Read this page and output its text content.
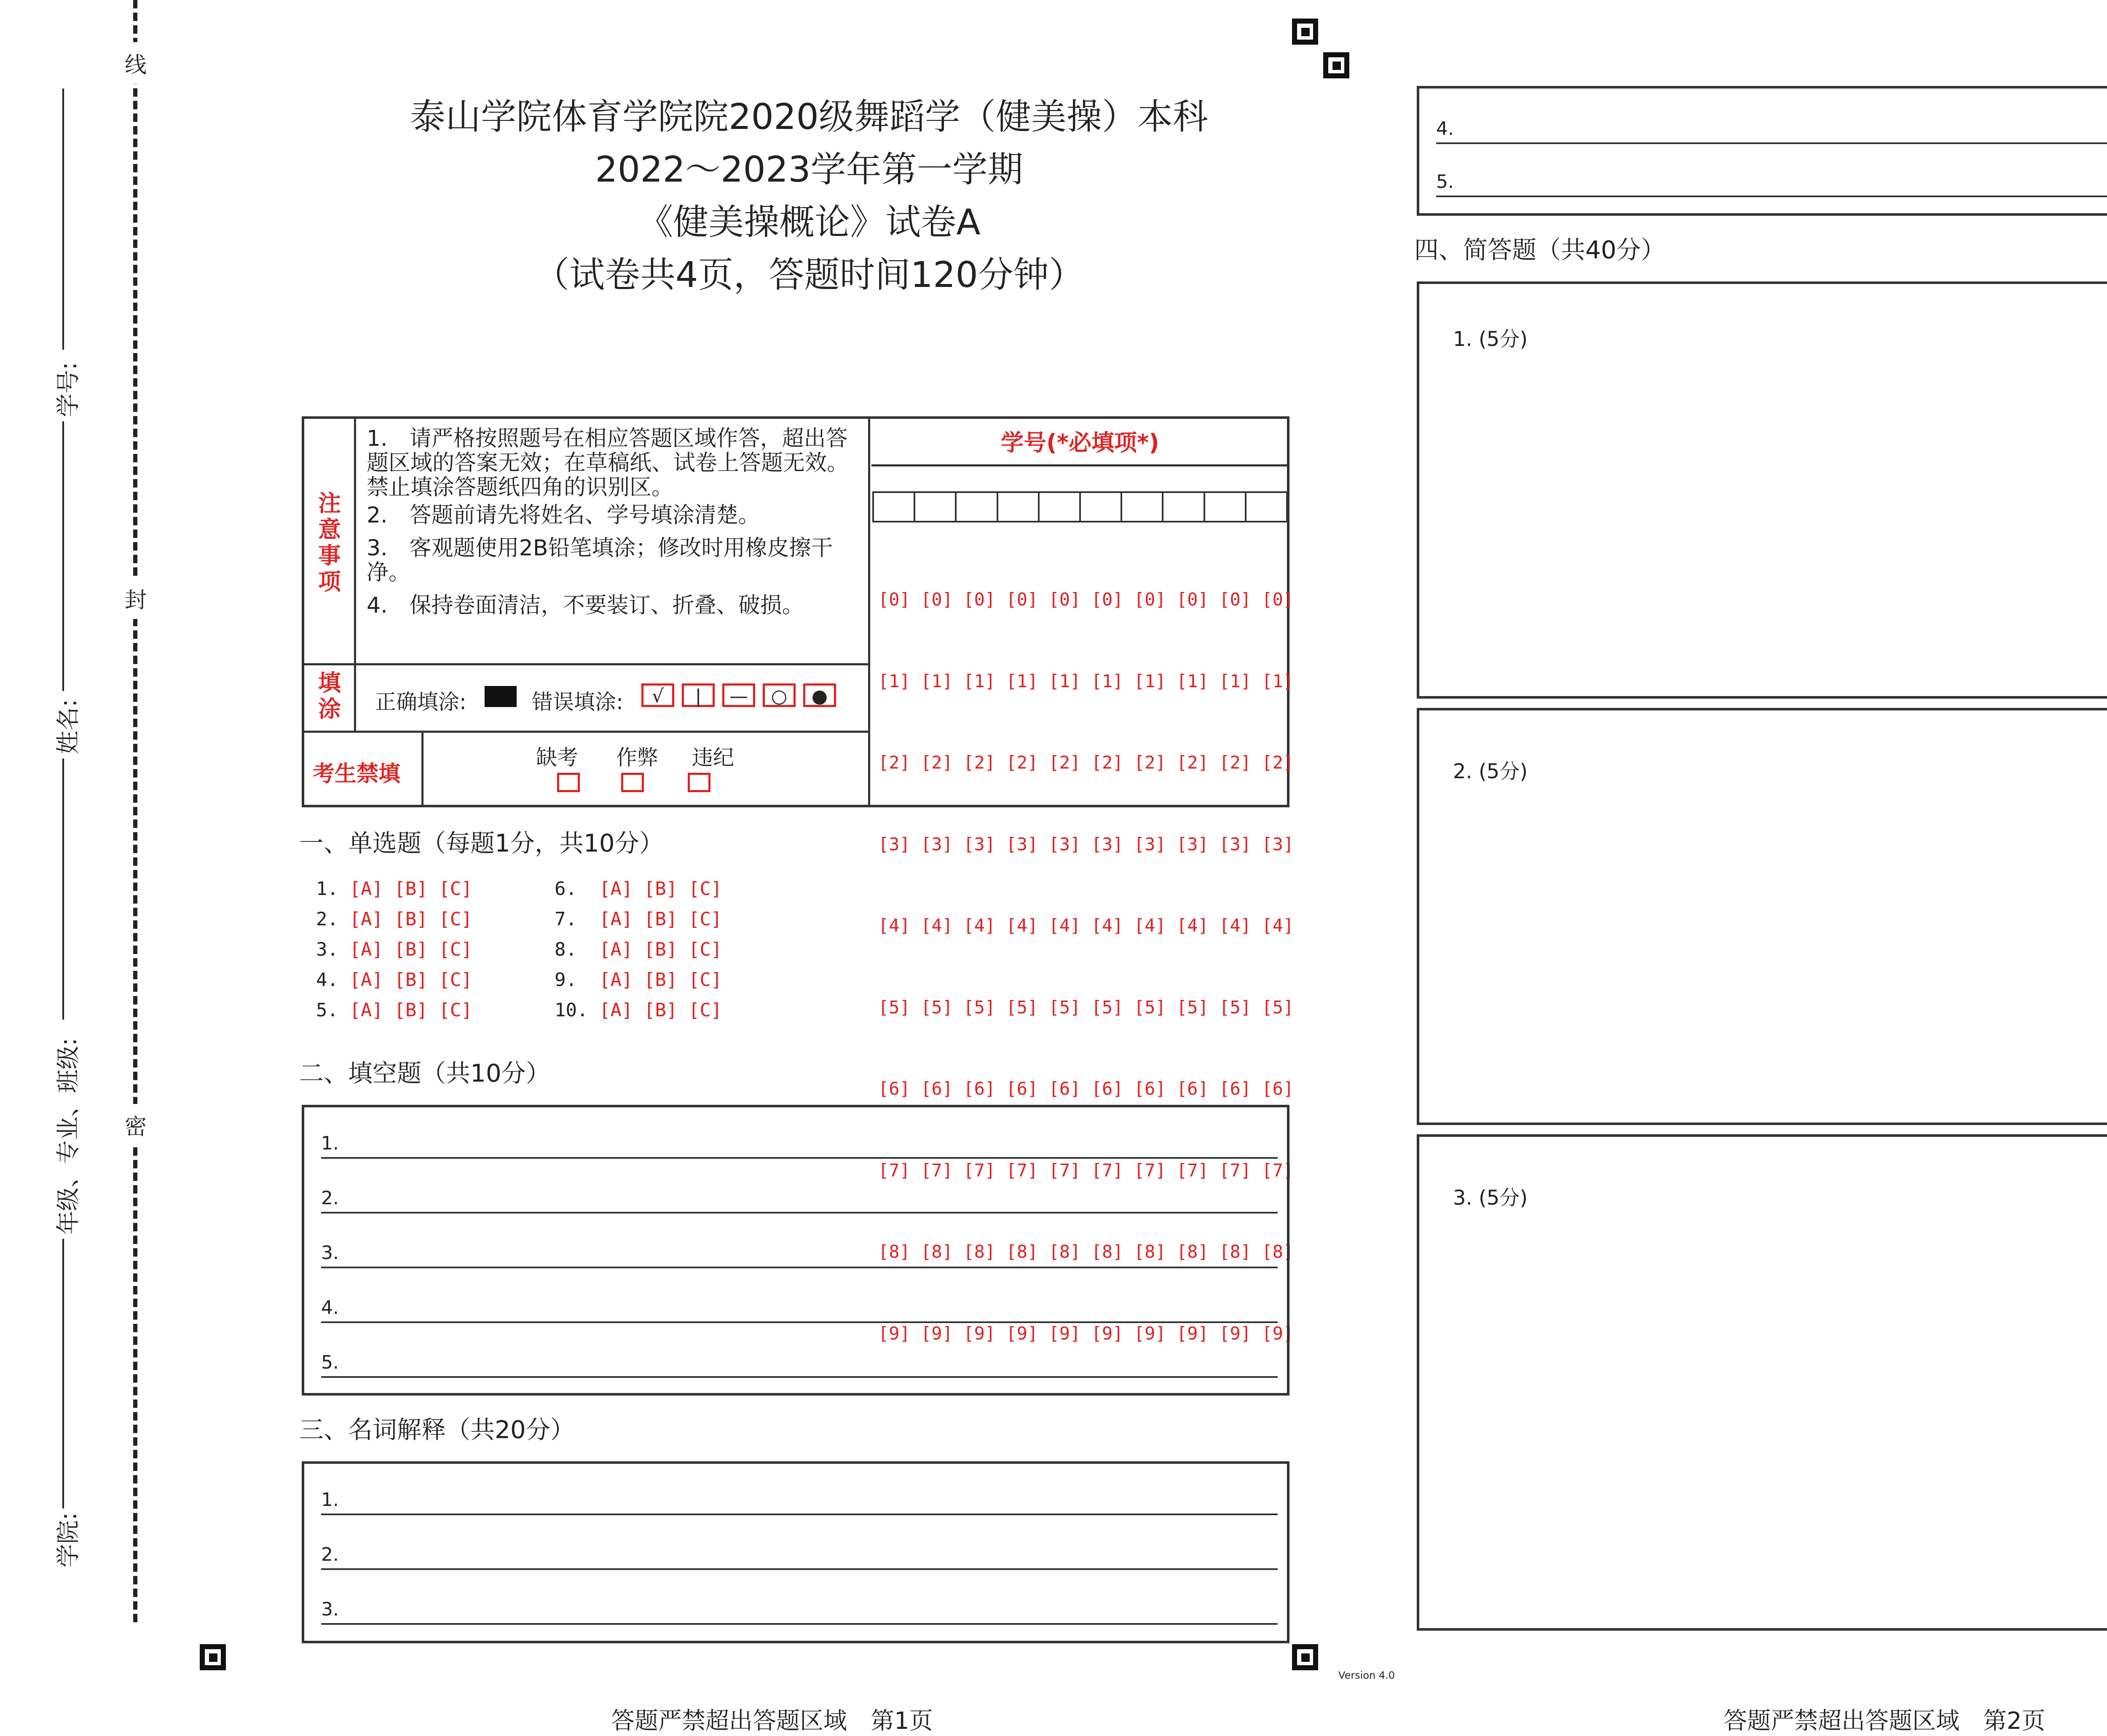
线
封
密
学号:
姓名:
年级、专业、班级:
学院:
泰山学院体育学院院2020级舞蹈学（健美操）本科
2022～2023学年第一学期
《健美操概论》试卷A
（试卷共4页，答题时间120分钟）
注意事项
1.　请严格按照题号在相应答题区域作答，超出答题区域的答案无效；在草稿纸、试卷上答题无效。禁止填涂答题纸四角的识别区。
2.　答题前请先将姓名、学号填涂清楚。
3.　客观题使用2B铅笔填涂；修改时用橡皮擦干净。
4.　保持卷面清洁，不要装订、折叠、破损。
填涂 正确填涂:	错误填涂:	√	|	—	○	●
考生禁填
缺考 作弊 违纪
学号(*必填项*)

[0] [0] [0] [0] [0] [0] [0] [0] [0] [0]

[1] [1] [1] [1] [1] [1] [1] [1] [1] [1]

[2] [2] [2] [2] [2] [2] [2] [2] [2] [2]

[3] [3] [3] [3] [3] [3] [3] [3] [3] [3]

[4] [4] [4] [4] [4] [4] [4] [4] [4] [4]

[5] [5] [5] [5] [5] [5] [5] [5] [5] [5]

[6] [6] [6] [6] [6] [6] [6] [6] [6] [6]

[7] [7] [7] [7] [7] [7] [7] [7] [7] [7]

[8] [8] [8] [8] [8] [8] [8] [8] [8] [8]

[9] [9] [9] [9] [9] [9] [9] [9] [9] [9]

一、单选题（每题1分，共10分）
1. [A] [B] [C]
2. [A] [B] [C]
3. [A] [B] [C]
4. [A] [B] [C]
5. [A] [B] [C]
6. [A] [B] [C]
7. [A] [B] [C]
8. [A] [B] [C]
9. [A] [B] [C]
10. [A] [B] [C]
二、填空题（共10分）
1.
2.
3.
4.
5.
三、名词解释（共20分）
1.
2.
3.
Version 4.0
答题严禁超出答题区域　第1页
4.
5.
四、简答题（共40分）
1. (5分)
2. (5分)
3. (5分)
答题严禁超出答题区域　第2页
